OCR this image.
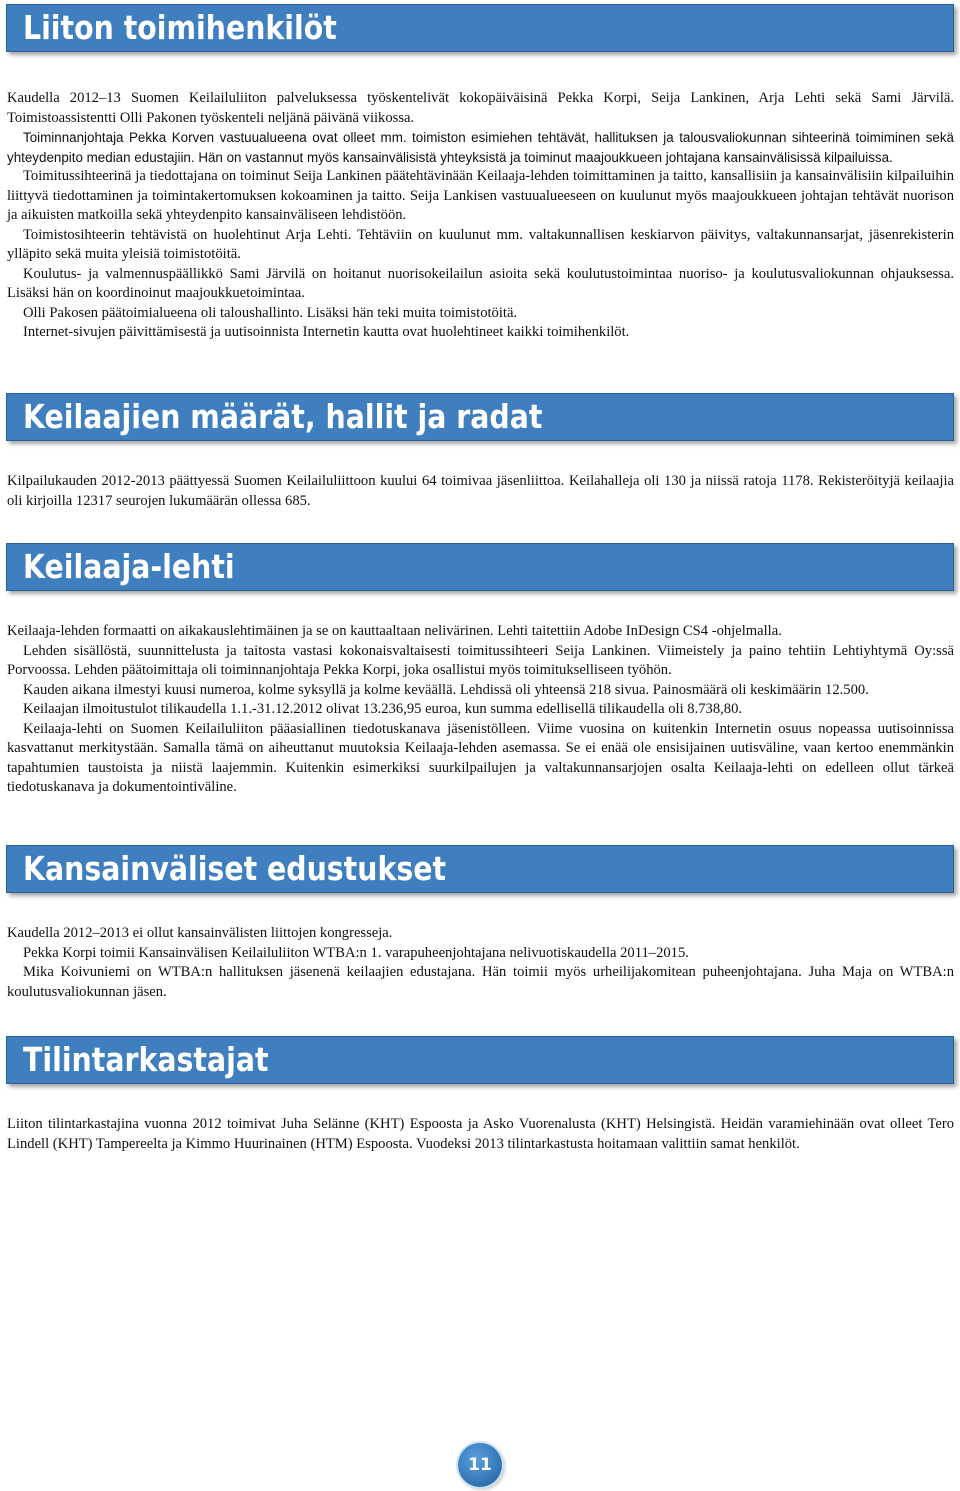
Liiton toimihenkilöt

Kaudella 2012–13 Suomen Keilailuliiton palveluksessa työskentelivät kokopäiväisinä Pekka Korpi, Seija Lankinen, Arja Lehti sekä Sami Järvilä. Toimistoassistentti Olli Pakonen työskenteli neljänä päivänä viikossa.

Toiminnanjohtaja Pekka Korven vastuualueena ovat olleet mm. toimiston esimiehen tehtävät, hallituksen ja talousvaliokunnan sihteerinä toimiminen sekä yhteydenpito median edustajiin. Hän on vastannut myös kansainvälisistä yhteyksistä ja toiminut maajoukkueen johtajana kansainvälisissä kilpailuissa.

Toimitussihteerinä ja tiedottajana on toiminut Seija Lankinen päätehtävinään Keilaaja-lehden toimittaminen ja taitto, kansallisiin ja kansainvälisiin kilpailuihin liittyvä tiedottaminen ja toimintakertomuksen kokoaminen ja taitto. Seija Lankisen vastuualueeseen on kuulunut myös maajoukkueen johtajan tehtävät nuorison ja aikuisten matkoilla sekä yhteydenpito kansainväliseen lehdistöön.

Toimistosihteerin tehtävistä on huolehtinut Arja Lehti. Tehtäviin on kuulunut mm. valtakunnallisen keskiarvon päivitys, valtakunnansarjat, jäsenrekisterin ylläpito sekä muita yleisiä toimistotöitä.

Koulutus- ja valmennuspäällikkö Sami Järvilä on hoitanut nuorisokeilailun asioita sekä koulutustoimintaa nuoriso- ja koulutusvaliokunnan ohjauksessa. Lisäksi hän on koordinoinut maajoukkuetoimintaa.

Olli Pakosen päätoimialueena oli taloushallinto. Lisäksi hän teki muita toimistotöitä.

Internet-sivujen päivittämisestä ja uutisoinnista Internetin kautta ovat huolehtineet kaikki toimihenkilöt.

Keilaajien määrät, hallit ja radat

Kilpailukauden 2012-2013 päättyessä Suomen Keilailuliittoon kuului 64 toimivaa jäsenliittoa. Keilahalleja oli 130 ja niissä ratoja 1178. Rekisteröityjä keilaajia oli kirjoilla 12317 seurojen lukumäärän ollessa 685.

Keilaaja-lehti

Keilaaja-lehden formaatti on aikakauslehtimäinen ja se on kauttaaltaan nelivärinen. Lehti taitettiin Adobe InDesign CS4 -ohjelmalla.

Lehden sisällöstä, suunnittelusta ja taitosta vastasi kokonaisvaltaisesti toimitussihteeri Seija Lankinen. Viimeistely ja paino tehtiin Lehtiyhtymä Oy:ssä Porvoossa. Lehden päätoimittaja oli toiminnanjohtaja Pekka Korpi, joka osallistui myös toimitukselliseen työhön.

Kauden aikana ilmestyi kuusi numeroa, kolme syksyllä ja kolme keväällä. Lehdissä oli yhteensä 218 sivua. Painosmäärä oli keskimäärin 12.500.

Keilaajan ilmoitustulot tilikaudella 1.1.-31.12.2012 olivat 13.236,95 euroa, kun summa edellisellä tilikaudella oli 8.738,80.

Keilaaja-lehti on Suomen Keilailuliiton pääasiallinen tiedotuskanava jäsenistölleen. Viime vuosina on kuitenkin Internetin osuus nopeassa uutisoinnissa kasvattanut merkitystään. Samalla tämä on aiheuttanut muutoksia Keilaaja-lehden asemassa. Se ei enää ole ensisijainen uutisväline, vaan kertoo enemmänkin tapahtumien taustoista ja niistä laajemmin. Kuitenkin esimerkiksi suurkilpailujen ja valtakunnansarjojen osalta Keilaaja-lehti on edelleen ollut tärkeä tiedotuskanava ja dokumentointiväline.

Kansainväliset edustukset

Kaudella 2012–2013 ei ollut kansainvälisten liittojen kongresseja.

Pekka Korpi toimii Kansainvälisen Keilailuliiton WTBA:n 1. varapuheenjohtajana nelivuotiskaudella 2011–2015.

Mika Koivuniemi on WTBA:n hallituksen jäsenenä keilaajien edustajana. Hän toimii myös urheilijakomitean puheenjohtajana. Juha Maja on WTBA:n koulutusvaliokunnan jäsen.

Tilintarkastajat

Liiton tilintarkastajina vuonna 2012 toimivat Juha Selänne (KHT) Espoosta ja Asko Vuorenalusta (KHT) Helsingistä. Heidän varamiehinään ovat olleet Tero Lindell (KHT) Tampereelta ja Kimmo Huurinainen (HTM) Espoosta. Vuodeksi 2013 tilintarkastusta hoitamaan valittiin samat henkilöt.

11
